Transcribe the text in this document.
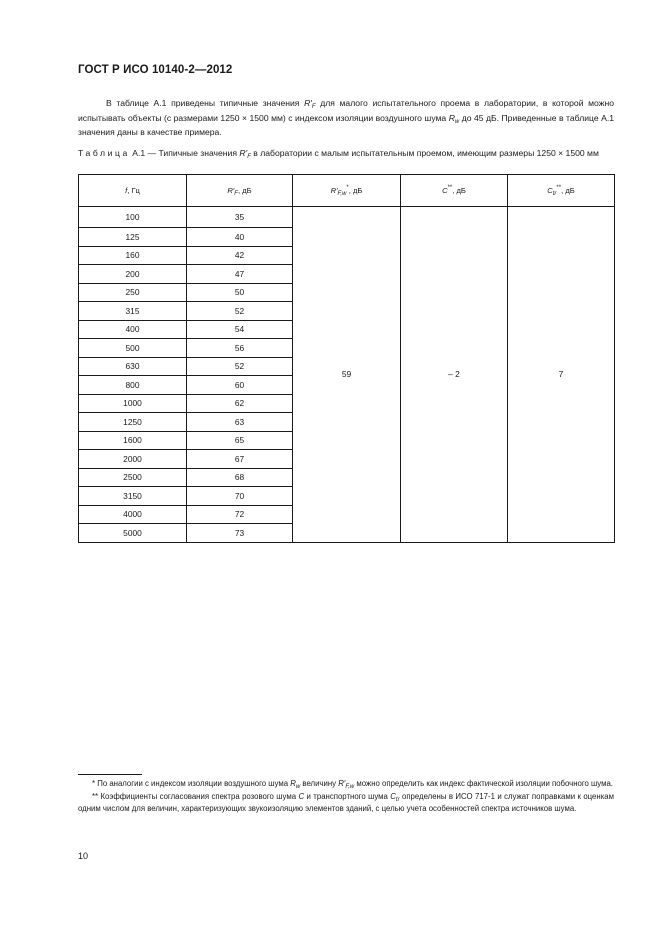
ГОСТ Р ИСО 10140-2—2012

В таблице А.1 приведены типичные значения $R'_F$ для малого испытательного проема в лаборатории, в которой можно испытывать объекты (с размерами 1250 × 1500 мм) с индексом изоляции воздушного шума $R_w$ до 45 дБ. Приведенные в таблице А.1 значения даны в качестве примера.

Таблица А.1 — Типичные значения $R'_F$ в лаборатории с малым испытательным проемом, имеющим размеры 1250 × 1500 мм
f, Гц	$R'_F$, дБ	$R'_{F,w}^*$, дБ	C**, дБ	$C_{tr}^{**}$, дБ
100	35	59	– 2	7
125	40			
160	42			
200	47			
250	50			
315	52			
400	54			
500	56			
630	52			
800	60			
1000	62			
1250	63			
1600	65			
2000	67			
2500	68			
3150	70			
4000	72			
5000	73			

* По аналогии с индексом изоляции воздушного шума $R_w$ величину $R'_{F,w}$ можно определить как индекс фактической изоляции побочного шума.

** Коэффициенты согласования спектра розового шума C и транспортного шума $C_{tr}$ определены в ИСО 717-1 и служат поправками к оценкам одним числом для величин, характеризующих звукоизоляцию элементов зданий, с целью учета особенностей спектра источников шума.

10
